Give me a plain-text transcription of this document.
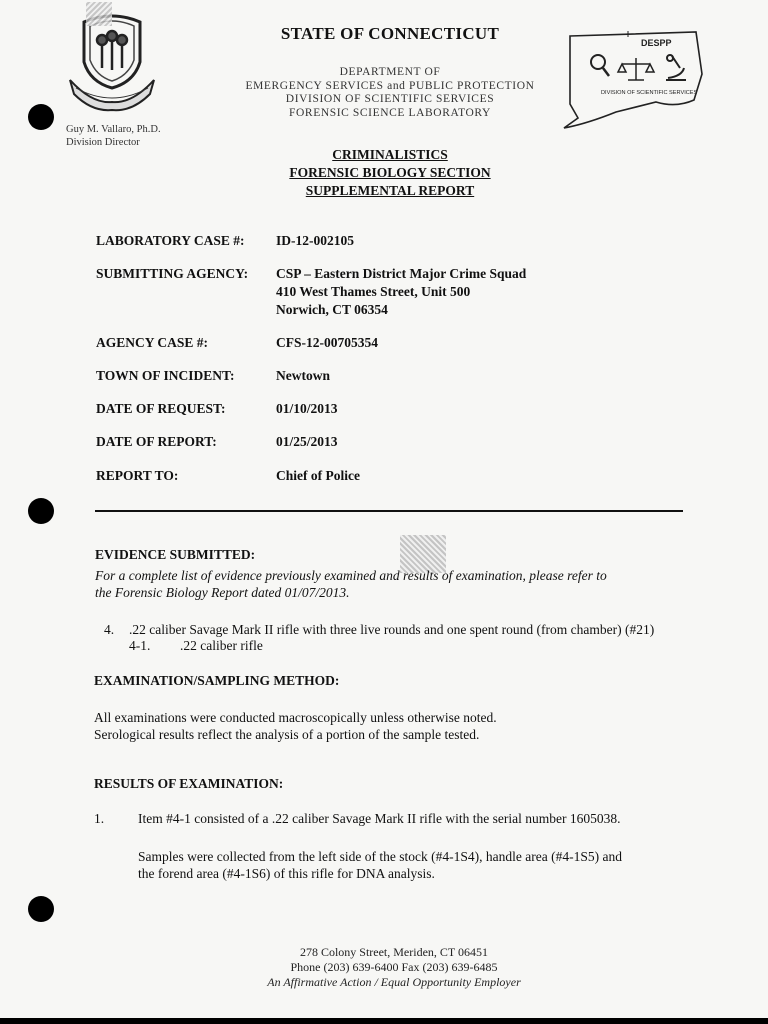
STATE OF CONNECTICUT
DEPARTMENT OF
EMERGENCY SERVICES and PUBLIC PROTECTION
DIVISION OF SCIENTIFIC SERVICES
FORENSIC SCIENCE LABORATORY
Guy M. Vallaro, Ph.D.
Division Director
DESPP
DIVISION OF SCIENTIFIC SERVICES
CRIMINALISTICS
FORENSIC BIOLOGY SECTION
SUPPLEMENTAL REPORT
LABORATORY CASE #: ID-12-002105
SUBMITTING AGENCY: CSP – Eastern District Major Crime Squad
410 West Thames Street, Unit 500
Norwich, CT 06354
AGENCY CASE #:	CFS-12-00705354
TOWN OF INCIDENT:	Newtown
DATE OF REQUEST:	01/10/2013
DATE OF REPORT:	01/25/2013
REPORT TO:	Chief of Police
EVIDENCE SUBMITTED:
For a complete list of evidence previously examined and results of examination, please refer to
the Forensic Biology Report dated 01/07/2013.
4. .22 caliber Savage Mark II rifle with three live rounds and one spent round (from chamber) (#21)
4-1. .22 caliber rifle
EXAMINATION/SAMPLING METHOD:
All examinations were conducted macroscopically unless otherwise noted.
Serological results reflect the analysis of a portion of the sample tested.
RESULTS OF EXAMINATION:
1.	Item #4-1 consisted of a .22 caliber Savage Mark II rifle with the serial number 1605038.
Samples were collected from the left side of the stock (#4-1S4), handle area (#4-1S5) and
the forend area (#4-1S6) of this rifle for DNA analysis.
278 Colony Street, Meriden, CT 06451
Phone (203) 639-6400 Fax (203) 639-6485
An Affirmative Action / Equal Opportunity Employer
